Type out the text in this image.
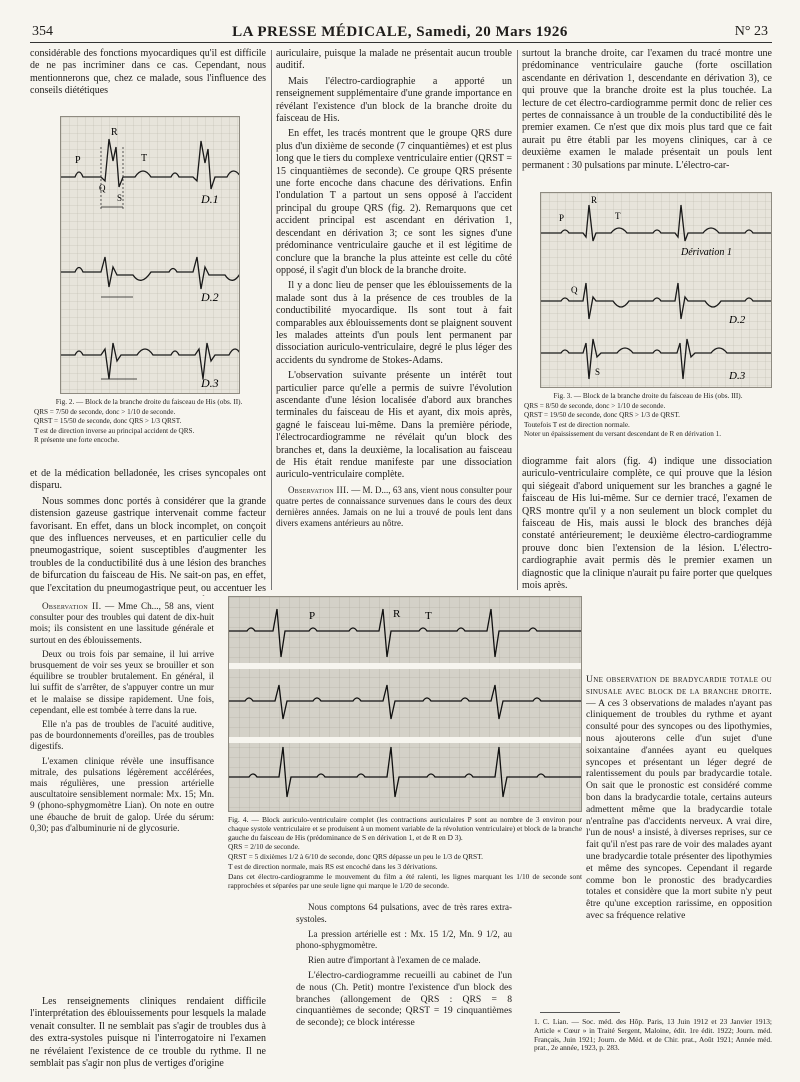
354	LA PRESSE MÉDICALE, Samedi, 20 Mars 1926	N° 23

considérable des fonctions myocardiques qu'il est difficile de ne pas incriminer dans ce cas. Cependant, nous mentionnerons que, chez ce malade, sous l'influence des conseils diététiques

P
R
T
Q
S	D.1
D.2
D.3

Fig. 2. — Block de la branche droite du faisceau de His (obs. II).

QRS = 7/50 de seconde, donc > 1/10 de seconde.

QRST = 15/50 de seconde, donc QRS > 1/3 QRST.

T est de direction inverse au principal accident de QRS.

R présente une forte encoche.

et de la médication belladonée, les crises syncopales ont disparu.

Nous sommes donc portés à considérer que la grande distension gazeuse gastrique intervenait comme facteur favorisant. En effet, dans un block incomplet, on conçoit que des influences nerveuses, et en particulier celle du pneumogastrique, soient susceptibles d'augmenter les troubles de la conductibilité dus à une lésion des branches de bifurcation du faisceau de His. Ne sait-on pas, en effet, que l'excitation du pneumogastrique peut, ou accentuer les

Observation II. — Mme Ch..., 58 ans, vient consulter pour des troubles qui datent de dix-huit mois; ils consistent en une lassitude générale et surtout en des éblouissements.

Deux ou trois fois par semaine, il lui arrive brusquement de voir ses yeux se brouiller et son équilibre se troubler brutalement. En général, il lui suffit de s'arrêter, de s'appuyer contre un mur et le malaise se dissipe rapidement. Une fois, cependant, elle est tombée à terre dans la rue.

Elle n'a pas de troubles de l'acuité auditive, pas de bourdonnements d'oreilles, pas de troubles digestifs.

L'examen clinique révèle une insuffisance mitrale, des pulsations légèrement accélérées, mais régulières, une pression artérielle auscultatoire sensiblement normale: Mx. 15; Mn. 9 (phono-sphygmomètre Lian). On note en outre une ébauche de bruit de galop. Urée du sérum: 0,30; pas d'albuminurie ni de glycosurie.

Les renseignements cliniques rendaient difficile l'interprétation des éblouissements pour lesquels la malade venait consulter. Il ne semblait pas s'agir de troubles dus à des extra-systoles puisque ni l'interrogatoire ni l'examen ne révélaient l'existence de ce trouble du rythme. Il ne semblait pas s'agir non plus de vertiges d'origine

auriculaire, puisque la malade ne présentait aucun trouble auditif.

Mais l'électro-cardiographie a apporté un renseignement supplémentaire d'une grande importance en révélant l'existence d'un block de la branche droite du faisceau de His.

En effet, les tracés montrent que le groupe QRS dure plus d'un dixième de seconde (7 cinquantièmes) et est plus long que le tiers du complexe ventriculaire entier (QRST = 15 cinquantièmes de seconde). Ce groupe QRS présente une forte encoche dans chacune des dérivations. Enfin l'ondulation T a partout un sens opposé à l'accident principal du groupe QRS (fig. 2). Remarquons que cet accident principal est ascendant en dérivation 1, descendant en dérivation 3; ce sont les signes d'une prédominance ventriculaire gauche et il est légitime de conclure que la branche la plus atteinte est celle du côté opposé, il s'agit d'un block de la branche droite.

Il y a donc lieu de penser que les éblouissements de la malade sont dus à la présence de ces troubles de la conductibilité myocardique. Ils sont tout à fait comparables aux éblouissements dont se plaignent souvent les malades atteints d'un pouls lent permanent par dissociation auriculo-ventriculaire, degré le plus léger des accidents du syndrome de Stokes-Adams.

L'observation suivante présente un intérêt tout particulier parce qu'elle a permis de suivre l'évolution ascendante d'une lésion localisée d'abord aux branches terminales du faisceau de His et ayant, dix mois après, gagné le faisceau lui-même. Dans la première période, l'électrocardiogramme ne révélait qu'un block des branches et, dans la deuxième, la localisation au faisceau de His était rendue manifeste par une dissociation auriculo-ventriculaire complète.

Observation III. — M. D..., 63 ans, vient nous consulter pour quatre pertes de connaissance survenues dans le cours des deux dernières années. Jamais on ne lui a trouvé de pouls lent dans divers examens antérieurs au nôtre.

surtout la branche droite, car l'examen du tracé montre une prédominance ventriculaire gauche (forte oscillation ascendante en dérivation 1, descendante en dérivation 3), ce qui prouve que la branche droite est la plus touchée. La lecture de cet électro-cardiogramme permit donc de relier ces pertes de connaissance à un trouble de la conductibilité dès le premier examen. Ce n'est que dix mois plus tard que ce fait aurait pu être établi par les moyens cliniques, car à ce deuxième examen le malade présentait un pouls lent permanent : 30 pulsations par minute. L'électro-car-

P
R
T
Q
S
Dérivation 1
D.2
D.3

Fig. 3. — Block de la branche droite du faisceau de His (obs. III).

QRS = 8/50 de seconde, donc > 1/10 de seconde.

QRST = 19/50 de seconde, donc QRS > 1/3 de QRST.

Toutefois T est de direction normale.

Noter un épaississement du versant descendant de R en dérivation 1.

diogramme fait alors (fig. 4) indique une dissociation auriculo-ventriculaire complète, ce qui prouve que la lésion qui siégeait d'abord uniquement sur les branches a gagné le faisceau de His lui-même. Sur ce dernier tracé, l'examen de QRS montre qu'il y a non seulement un block complet du faisceau de His, mais aussi le block des branches déjà constaté antérieurement; le deuxième électro-cardiogramme prouve donc bien l'extension de la lésion. L'électro-cardiographie avait permis dès le premier examen un diagnostic que la clinique n'aurait pu faire porter que quelques mois après.

Une observation de bradycardie totale ou sinusale avec block de la branche droite. — A ces 3 observations de malades n'ayant pas cliniquement de troubles du rythme et ayant consulté pour des syncopes ou des lipothymies, nous ajouterons celle d'un sujet d'une soixantaine d'années ayant eu quelques syncopes et présentant un léger degré de ralentissement du pouls par bradycardie totale. On sait que le pronostic est considéré comme bon dans la bradycardie totale, certains auteurs admettent même que la bradycardie totale n'entraîne pas d'accidents nerveux. A vrai dire, l'un de nous¹ a insisté, à diverses reprises, sur ce fait qu'il n'est pas rare de voir des malades ayant une bradycardie totale présenter des lipothymies et même des syncopes. Cependant il regarde comme bon le pronostic des bradycardies totales et considère que la mort subite n'y peut être qu'une exception rarissime, en opposition avec sa fréquence relative

1. C. Lian. — Soc. méd. des Hôp. Paris, 13 Juin 1912 et 23 Janvier 1913; Article « Cœur » in Traité Sergent, Maloine, édit. 1re édit. 1922; Journ. méd. Français, Juin 1921; Journ. de Méd. et de Chir. prat., Août 1921; Année méd. prat., 2e année, 1923, p. 283.
P	R T

Fig. 4. — Block auriculo-ventriculaire complet (les contractions auriculaires P sont au nombre de 3 environ pour chaque systole ventriculaire et se produisent à un moment variable de la révolution ventriculaire) et block de la branche gauche du faisceau de His (prédominance de S en dérivation 1, et de R en D 3).

QRS = 2/10 de seconde.

QRST = 5 dixièmes 1/2 à 6/10 de seconde, donc QRS dépasse un peu le 1/3 de QRST.

T est de direction normale, mais RS est encoché dans les 3 dérivations.

Dans cet électro-cardiogramme le mouvement du film a été ralenti, les lignes marquant les 1/10 de seconde sont rapprochées et séparées par une seule ligne qui marque le 1/20 de seconde.

Nous comptons 64 pulsations, avec de très rares extra-systoles.

La pression artérielle est : Mx. 15 1/2, Mn. 9 1/2, au phono-sphygmomètre.

Rien autre d'important à l'examen de ce malade.

L'électro-cardiogramme recueilli au cabinet de l'un de nous (Ch. Petit) montre l'existence d'un block des branches (allongement de QRS : QRS = 8 cinquantièmes de seconde; QRST = 19 cinquantièmes de seconde); ce block intéresse
